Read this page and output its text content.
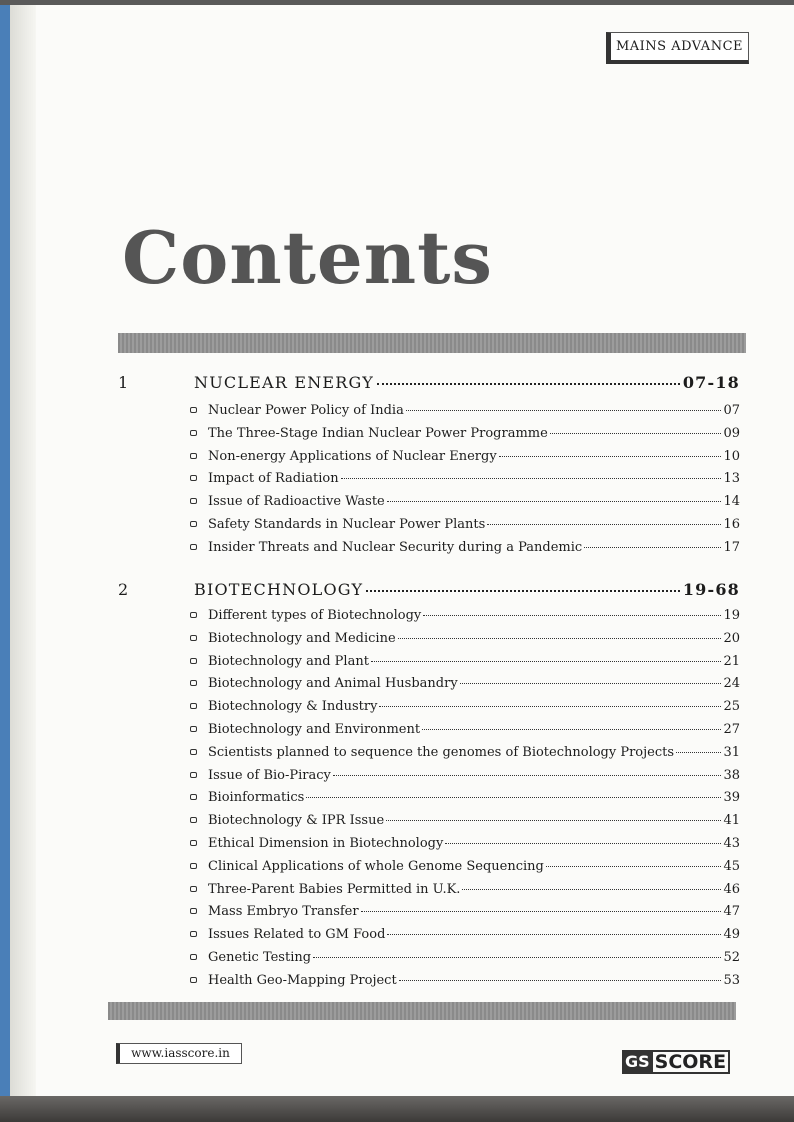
MAINS ADVANCE
Contents
1	NUCLEAR ENERGY	07-18
Nuclear Power Policy of India	07
The Three-Stage Indian Nuclear Power Programme	09
Non-energy Applications of Nuclear Energy	10
Impact of Radiation	13
Issue of Radioactive Waste	14
Safety Standards in Nuclear Power Plants	16
Insider Threats and Nuclear Security during a Pandemic	17
2	BIOTECHNOLOGY	19-68
Different types of Biotechnology	19
Biotechnology and Medicine	20
Biotechnology and Plant	21
Biotechnology and Animal Husbandry	24
Biotechnology & Industry	25
Biotechnology and Environment	27
Scientists planned to sequence the genomes of Biotechnology Projects	31
Issue of Bio-Piracy	38
Bioinformatics	39
Biotechnology & IPR Issue	41
Ethical Dimension in Biotechnology	43
Clinical Applications of whole Genome Sequencing	45
Three-Parent Babies Permitted in U.K.	46
Mass Embryo Transfer	47
Issues Related to GM Food	49
Genetic Testing	52
Health Geo-Mapping Project	53
www.iasscore.in	GS SCORE
